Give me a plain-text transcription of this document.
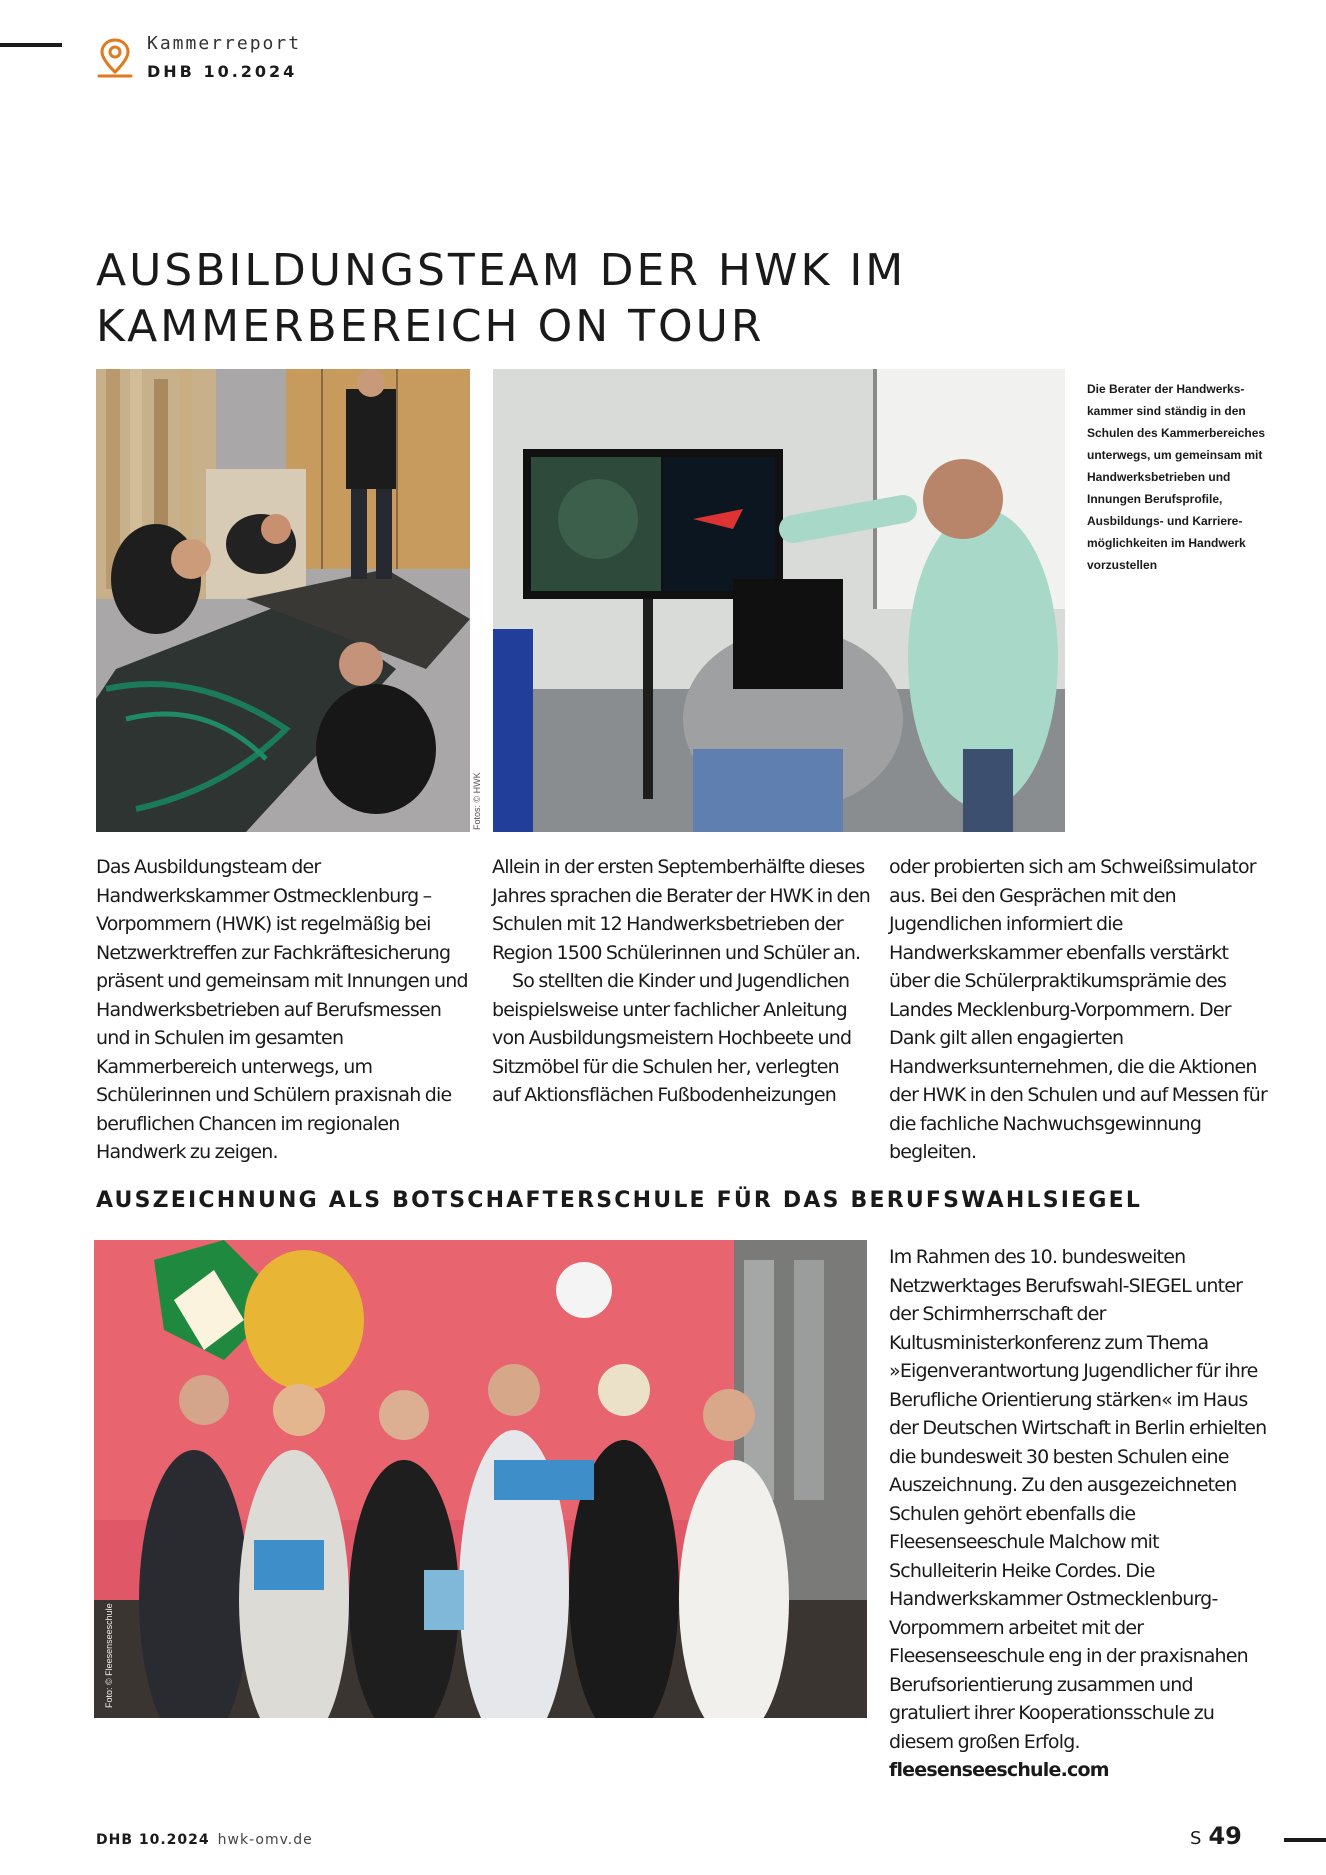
Kammerreport
DHB 10.2024
AUSBILDUNGSTEAM DER HWK IM KAMMERBEREICH ON TOUR
Fotos: © HWK

Die Berater der Handwerks-kammer sind ständig in den Schulen des Kammerbereiches unterwegs, um gemeinsam mit Handwerksbetrieben und Innungen Berufsprofile, Ausbildungs- und Karriere-möglichkeiten im Handwerk vorzustellen

Das Ausbildungsteam der Handwerkskammer Ostmecklenburg – Vorpommern (HWK) ist regelmäßig bei Netzwerktreffen zur Fachkräftesicherung präsent und gemeinsam mit Innungen und Handwerksbetrieben auf Berufsmessen und in Schulen im gesamten Kammerbereich unterwegs, um Schülerinnen und Schülern praxisnah die beruflichen Chancen im regionalen Handwerk zu zeigen.

Allein in der ersten Septemberhälfte dieses Jahres sprachen die Berater der HWK in den Schulen mit 12 Handwerksbetrieben der Region 1500 Schülerinnen und Schüler an.

So stellten die Kinder und Jugendlichen beispielsweise unter fachlicher Anleitung von Ausbildungsmeistern Hochbeete und Sitzmöbel für die Schulen her, verlegten auf Aktionsflächen Fußbodenheizungen

oder probierten sich am Schweißsimulator aus. Bei den Gesprächen mit den Jugendlichen informiert die Handwerkskammer ebenfalls verstärkt über die Schülerpraktikumsprämie des Landes Mecklenburg-Vorpommern. Der Dank gilt allen engagierten Handwerksunternehmen, die die Aktionen der HWK in den Schulen und auf Messen für die fachliche Nachwuchsgewinnung begleiten.

AUSZEICHNUNG ALS BOTSCHAFTERSCHULE FÜR DAS BERUFSWAHLSIEGEL
Foto: © Fleesenseeschule

Im Rahmen des 10. bundesweiten Netzwerktages Berufswahl-SIEGEL unter der Schirmherrschaft der Kultusministerkonferenz zum Thema »Eigenverantwortung Jugendlicher für ihre Berufliche Orientierung stärken« im Haus der Deutschen Wirtschaft in Berlin erhielten die bundesweit 30 besten Schulen eine Auszeichnung. Zu den ausgezeichneten Schulen gehört ebenfalls die Fleesenseeschule Malchow mit Schulleiterin Heike Cordes. Die Handwerkskammer Ostmecklenburg-Vorpommern arbeitet mit der Fleesenseeschule eng in der praxisnahen Berufsorientierung zusammen und gratuliert ihrer Kooperationsschule zu diesem großen Erfolg.

fleesenseeschule.com
DHB 10.2024 hwk-omv.de	S 49
